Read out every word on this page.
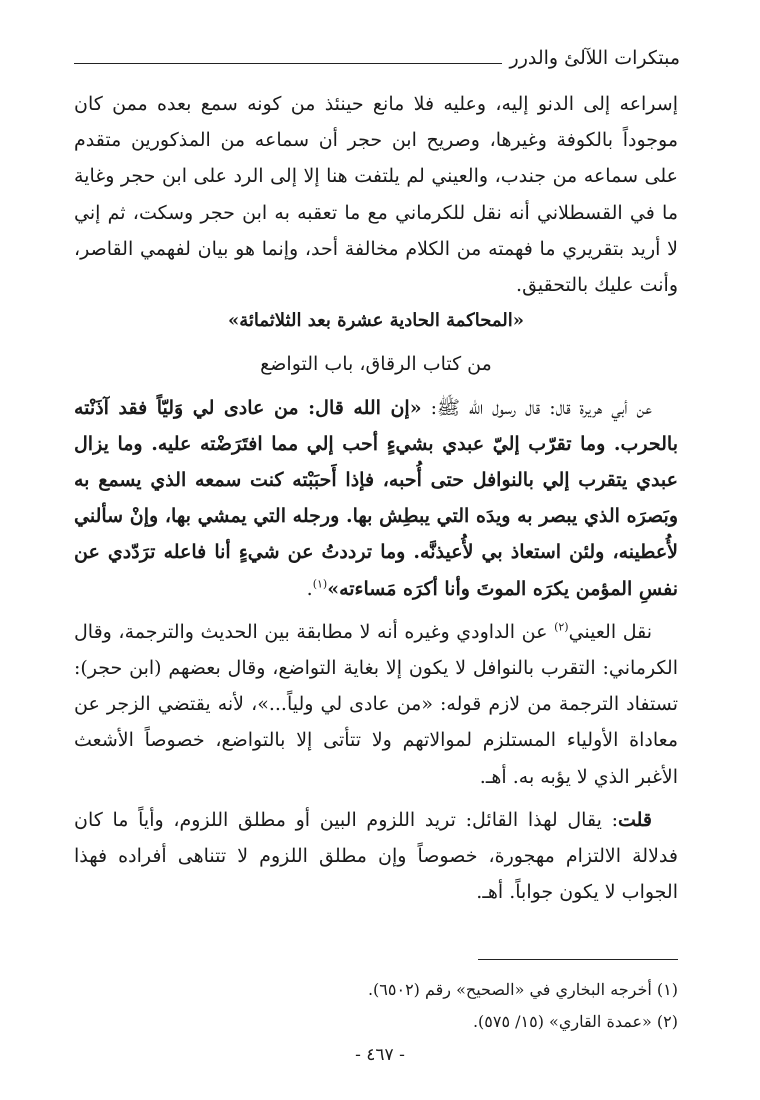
مبتكرات اللآلئ والدرر

إسراعه إلى الدنو إليه، وعليه فلا مانع حينئذ من كونه سمع بعده ممن كان موجوداً بالكوفة وغيرها، وصريح ابن حجر أن سماعه من المذكورين متقدم على سماعه من جندب، والعيني لم يلتفت هنا إلا إلى الرد على ابن حجر وغاية ما في القسطلاني أنه نقل للكرماني مع ما تعقبه به ابن حجر وسكت، ثم إني لا أريد بتقريري ما فهمته من الكلام مخالفة أحد، وإنما هو بيان لفهمي القاصر، وأنت عليك بالتحقيق.

«المحاكمة الحادية عشرة بعد الثلاثمائة»

من كتاب الرقاق، باب التواضع

عن أبي هريرة قال: قال رسول الله ﷺ: «إن الله قال: من عادى لي وَليّاً فقد آذَنْته بالحرب. وما تقرّب إليّ عبدي بشيءٍ أحب إلي مما افتَرَضْته عليه. وما يزال عبدي يتقرب إلي بالنوافل حتى أُحبه، فإذا أَحبَبْته كنت سمعه الذي يسمع به وبَصرَه الذي يبصر به ويدَه التي يبطِش بها. ورجله التي يمشي بها، وإنْ سألني لأُعطينه، ولئن استعاذ بي لأُعيذنَّه. وما ترددتُ عن شيءٍ أنا فاعله ترَدّدي عن نفسِ المؤمن يكرَه الموتَ وأنا أكرَه مَساءته»$^{(١)}$.

نقل العيني$^{(٢)}$ عن الداودي وغيره أنه لا مطابقة بين الحديث والترجمة، وقال الكرماني: التقرب بالنوافل لا يكون إلا بغاية التواضع، وقال بعضهم (ابن حجر): تستفاد الترجمة من لازم قوله: «من عادى لي ولياً...»، لأنه يقتضي الزجر عن معاداة الأولياء المستلزم لموالاتهم ولا تتأتى إلا بالتواضع، خصوصاً الأشعث الأغبر الذي لا يؤبه به. أهـ.

قلت: يقال لهذا القائل: تريد اللزوم البين أو مطلق اللزوم، وأياً ما كان فدلالة الالتزام مهجورة، خصوصاً وإن مطلق اللزوم لا تتناهى أفراده فهذا الجواب لا يكون جواباً. أهـ.

(١) أخرجه البخاري في «الصحيح» رقم (٦٥٠٢).
(٢) «عمدة القاري» (١٥/ ٥٧٥).
- ٤٦٧ -
